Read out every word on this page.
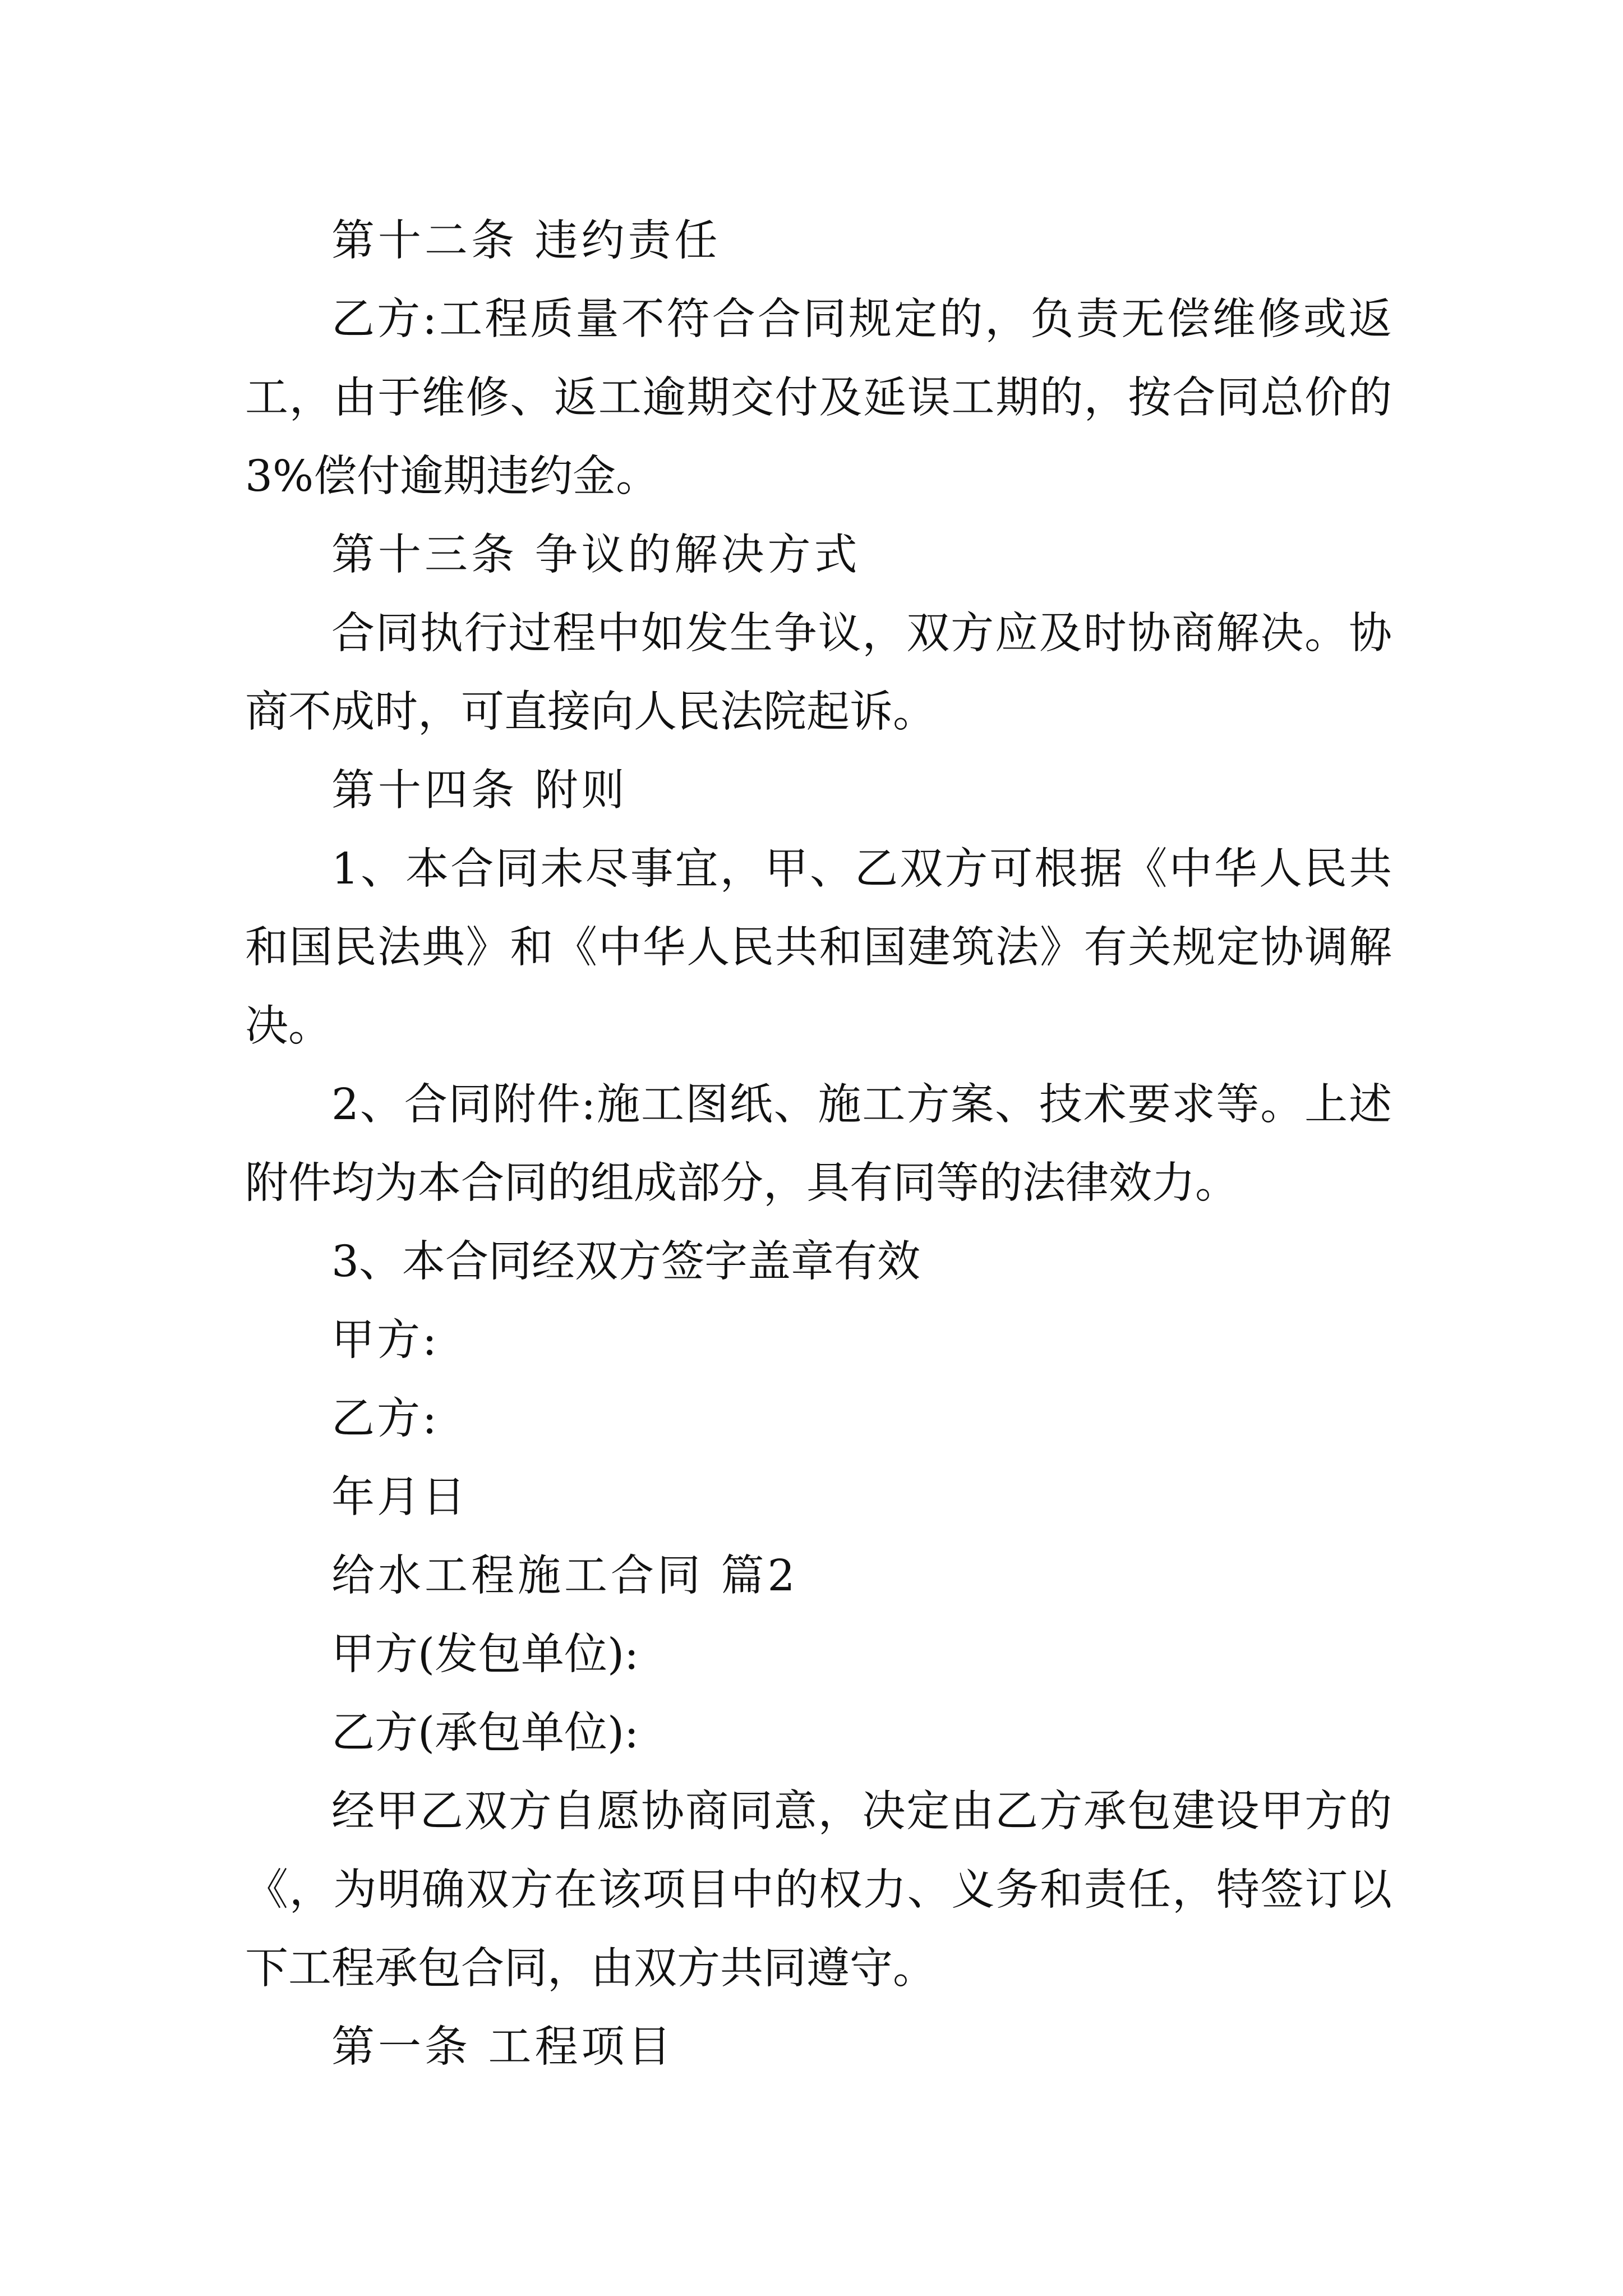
第十二条 违约责任

乙方:工程质量不符合合同规定的，负责无偿维修或返工，由于维修、返工逾期交付及延误工期的，按合同总价的3%偿付逾期违约金。

第十三条 争议的解决方式

合同执行过程中如发生争议，双方应及时协商解决。协商不成时，可直接向人民法院起诉。

第十四条 附则

1、本合同未尽事宜，甲、乙双方可根据《中华人民共和国民法典》和《中华人民共和国建筑法》有关规定协调解决。

2、合同附件:施工图纸、施工方案、技术要求等。上述附件均为本合同的组成部分，具有同等的法律效力。

3、本合同经双方签字盖章有效

甲方:

乙方:

年月日

给水工程施工合同 篇2

甲方(发包单位):

乙方(承包单位):

经甲乙双方自愿协商同意，决定由乙方承包建设甲方的《，为明确双方在该项目中的权力、义务和责任，特签订以下工程承包合同，由双方共同遵守。

第一条 工程项目
